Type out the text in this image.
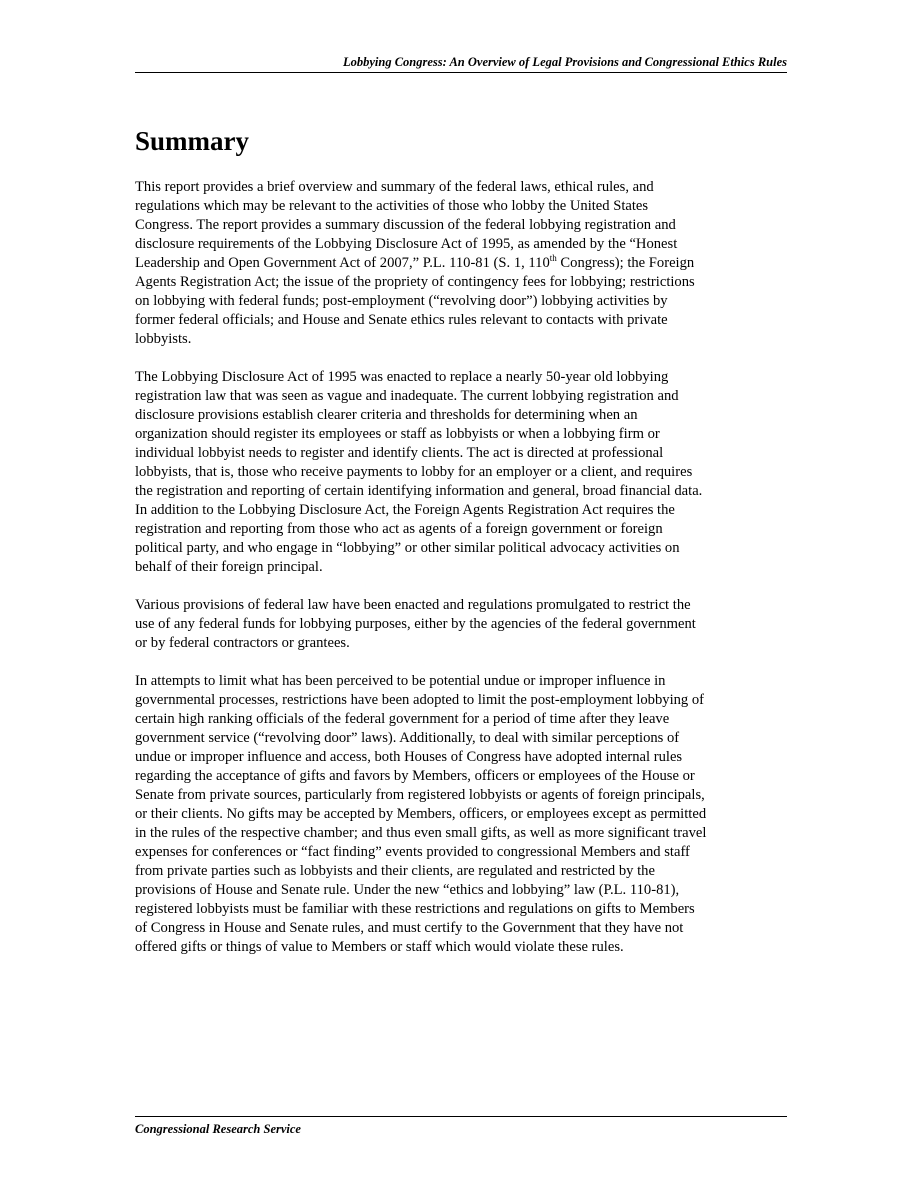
Lobbying Congress: An Overview of Legal Provisions and Congressional Ethics Rules
Summary

This report provides a brief overview and summary of the federal laws, ethical rules, and
regulations which may be relevant to the activities of those who lobby the United States
Congress. The report provides a summary discussion of the federal lobbying registration and
disclosure requirements of the Lobbying Disclosure Act of 1995, as amended by the “Honest
Leadership and Open Government Act of 2007,” P.L. 110-81 (S. 1, 110th Congress); the Foreign
Agents Registration Act; the issue of the propriety of contingency fees for lobbying; restrictions
on lobbying with federal funds; post-employment (“revolving door”) lobbying activities by
former federal officials; and House and Senate ethics rules relevant to contacts with private
lobbyists.

The Lobbying Disclosure Act of 1995 was enacted to replace a nearly 50-year old lobbying
registration law that was seen as vague and inadequate. The current lobbying registration and
disclosure provisions establish clearer criteria and thresholds for determining when an
organization should register its employees or staff as lobbyists or when a lobbying firm or
individual lobbyist needs to register and identify clients. The act is directed at professional
lobbyists, that is, those who receive payments to lobby for an employer or a client, and requires
the registration and reporting of certain identifying information and general, broad financial data.
In addition to the Lobbying Disclosure Act, the Foreign Agents Registration Act requires the
registration and reporting from those who act as agents of a foreign government or foreign
political party, and who engage in “lobbying” or other similar political advocacy activities on
behalf of their foreign principal.

Various provisions of federal law have been enacted and regulations promulgated to restrict the
use of any federal funds for lobbying purposes, either by the agencies of the federal government
or by federal contractors or grantees.

In attempts to limit what has been perceived to be potential undue or improper influence in
governmental processes, restrictions have been adopted to limit the post-employment lobbying of
certain high ranking officials of the federal government for a period of time after they leave
government service (“revolving door” laws). Additionally, to deal with similar perceptions of
undue or improper influence and access, both Houses of Congress have adopted internal rules
regarding the acceptance of gifts and favors by Members, officers or employees of the House or
Senate from private sources, particularly from registered lobbyists or agents of foreign principals,
or their clients. No gifts may be accepted by Members, officers, or employees except as permitted
in the rules of the respective chamber; and thus even small gifts, as well as more significant travel
expenses for conferences or “fact finding” events provided to congressional Members and staff
from private parties such as lobbyists and their clients, are regulated and restricted by the
provisions of House and Senate rule. Under the new “ethics and lobbying” law (P.L. 110-81),
registered lobbyists must be familiar with these restrictions and regulations on gifts to Members
of Congress in House and Senate rules, and must certify to the Government that they have not
offered gifts or things of value to Members or staff which would violate these rules.

Congressional Research Service
